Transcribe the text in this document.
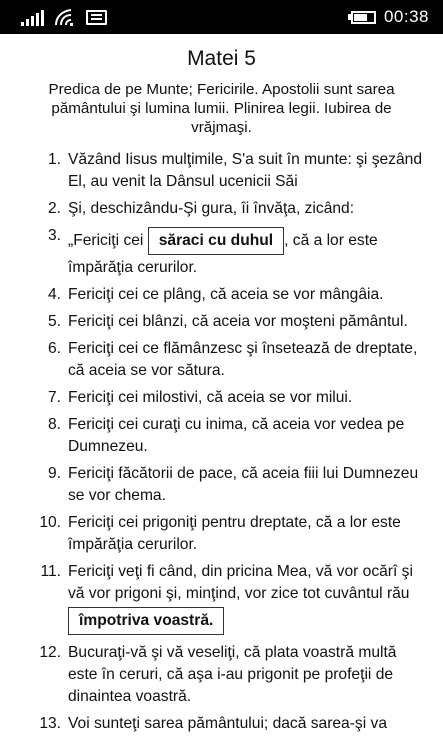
00:38
Matei 5
Predica de pe Munte; Fericirile. Apostolii sunt sarea pământului şi lumina lumii. Plinirea legii. Iubirea de vrăjmaşi.
1. Văzând Iisus mulţimile, S'a suit în munte: şi şezând El, au venit la Dânsul ucenicii Săi
2. Şi, deschizându-Şi gura, îi învăţa, zicând:
3. „Fericiţi cei săraci cu duhul , că a lor este împărăţia cerurilor.
4. Fericiţi cei ce plâng, că aceia se vor mângâia.
5. Fericiţi cei blânzi, că aceia vor moşteni pământul.
6. Fericiţi cei ce flămânzesc şi însetează de dreptate, că aceia se vor sătura.
7. Fericiţi cei milostivi, că aceia se vor milui.
8. Fericiţi cei curaţi cu inima, că aceia vor vedea pe Dumnezeu.
9. Fericiţi făcătorii de pace, că aceia fiii lui Dumnezeu se vor chema.
10. Fericiţi cei prigoniţi pentru dreptate, că a lor este împărăţia cerurilor.
11. Fericiţi veţi fi când, din pricina Mea, vă vor ocărî şi vă vor prigoni şi, minţind, vor zice tot cuvântul rău împotriva voastră.
12. Bucuraţi-vă şi vă veseliţi, că plata voastră multă este în ceruri, că aşa i-au prigonit pe profeţii de dinaintea voastră.
13. Voi sunteţi sarea pământului; dacă sarea-şi va
